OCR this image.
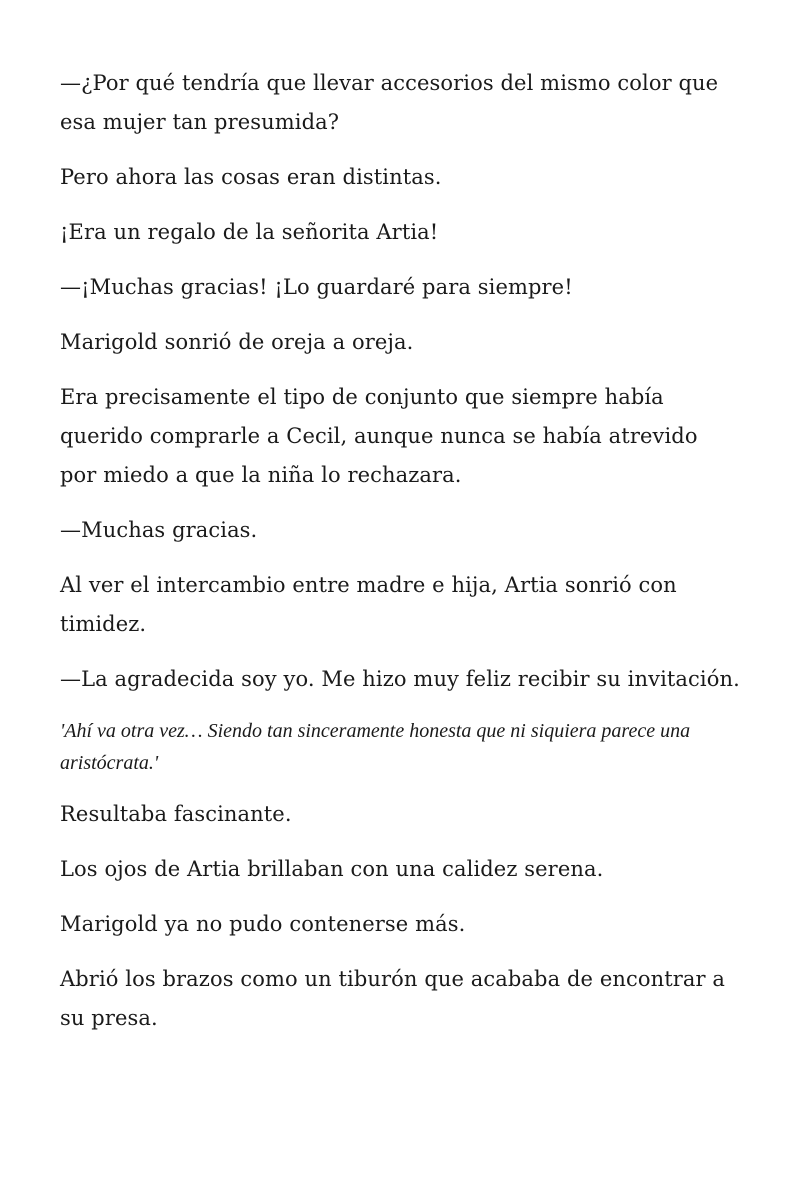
—¿Por qué tendría que llevar accesorios del mismo color que esa mujer tan presumida?

Pero ahora las cosas eran distintas.

¡Era un regalo de la señorita Artia!

—¡Muchas gracias! ¡Lo guardaré para siempre!

Marigold sonrió de oreja a oreja.

Era precisamente el tipo de conjunto que siempre había querido comprarle a Cecil, aunque nunca se había atrevido por miedo a que la niña lo rechazara.

—Muchas gracias.

Al ver el intercambio entre madre e hija, Artia sonrió con timidez.

—La agradecida soy yo. Me hizo muy feliz recibir su invitación.

'Ahí va otra vez… Siendo tan sinceramente honesta que ni siquiera parece una aristócrata.'

Resultaba fascinante.

Los ojos de Artia brillaban con una calidez serena.

Marigold ya no pudo contenerse más.

Abrió los brazos como un tiburón que acababa de encontrar a su presa.
